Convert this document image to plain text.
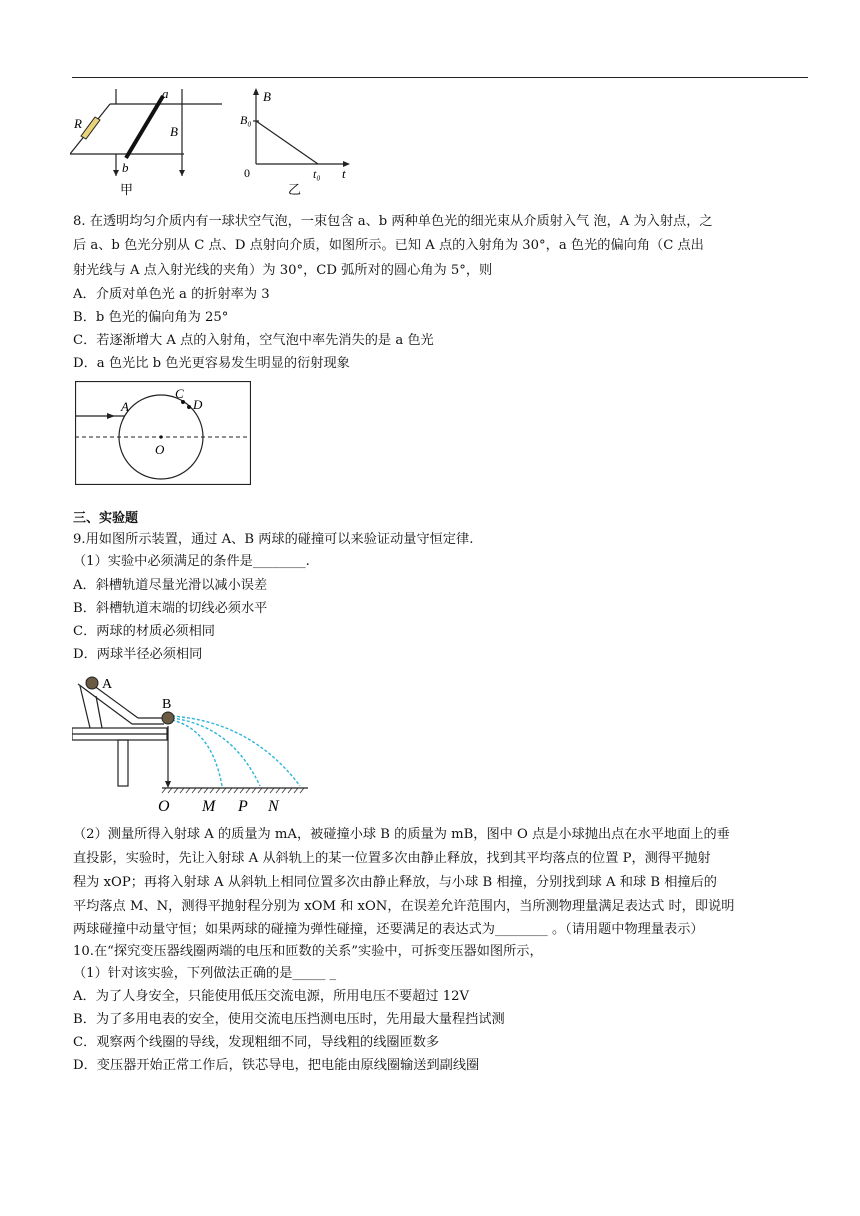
R
a
b
B
甲
B
t
B₀
t₀
0
乙
8. 在透明均匀介质内有一球状空气泡，一束包含 a、b 两种单色光的细光束从介质射入气 泡，A 为入射点，之
后 a、b 色光分别从 C 点、D 点射向介质，如图所示。已知 A 点的入射角为 30°，a 色光的偏向角（C 点出
射光线与 A 点入射光线的夹角）为 30°，CD 弧所对的圆心角为 5°，则
A．介质对单色光 a 的折射率为 3
B．b 色光的偏向角为 25°
C．若逐渐增大 A 点的入射角，空气泡中率先消失的是 a 色光
D．a 色光比 b 色光更容易发生明显的衍射现象
A
C
D
O
三、实验题
9.用如图所示装置，通过 A、B 两球的碰撞可以来验证动量守恒定律.
（1）实验中必须满足的条件是________.
A．斜槽轨道尽量光滑以减小误差
B．斜槽轨道末端的切线必须水平
C．两球的材质必须相同
D．两球半径必须相同
A
B
O M P N
（2）测量所得入射球 A 的质量为 mA，被碰撞小球 B 的质量为 mB，图中 O 点是小球抛出点在水平地面上的垂
直投影，实验时，先让入射球 A 从斜轨上的某一位置多次由静止释放，找到其平均落点的位置 P，测得平抛射
程为 xOP；再将入射球 A 从斜轨上相同位置多次由静止释放，与小球 B 相撞，分别找到球 A 和球 B 相撞后的
平均落点 M、N，测得平抛射程分别为 xOM 和 xON，在误差允许范围内，当所测物理量满足表达式 时，即说明
两球碰撞中动量守恒；如果两球的碰撞为弹性碰撞，还要满足的表达式为________ 。（请用题中物理量表示）
10.在“探究变压器线圈两端的电压和匝数的关系”实验中，可拆变压器如图所示，
（1）针对该实验，下列做法正确的是_____ _
A．为了人身安全，只能使用低压交流电源，所用电压不要超过 12V
B．为了多用电表的安全，使用交流电压挡测电压时，先用最大量程挡试测
C．观察两个线圈的导线，发现粗细不同，导线粗的线圈匝数多
D．变压器开始正常工作后，铁芯导电，把电能由原线圈输送到副线圈
